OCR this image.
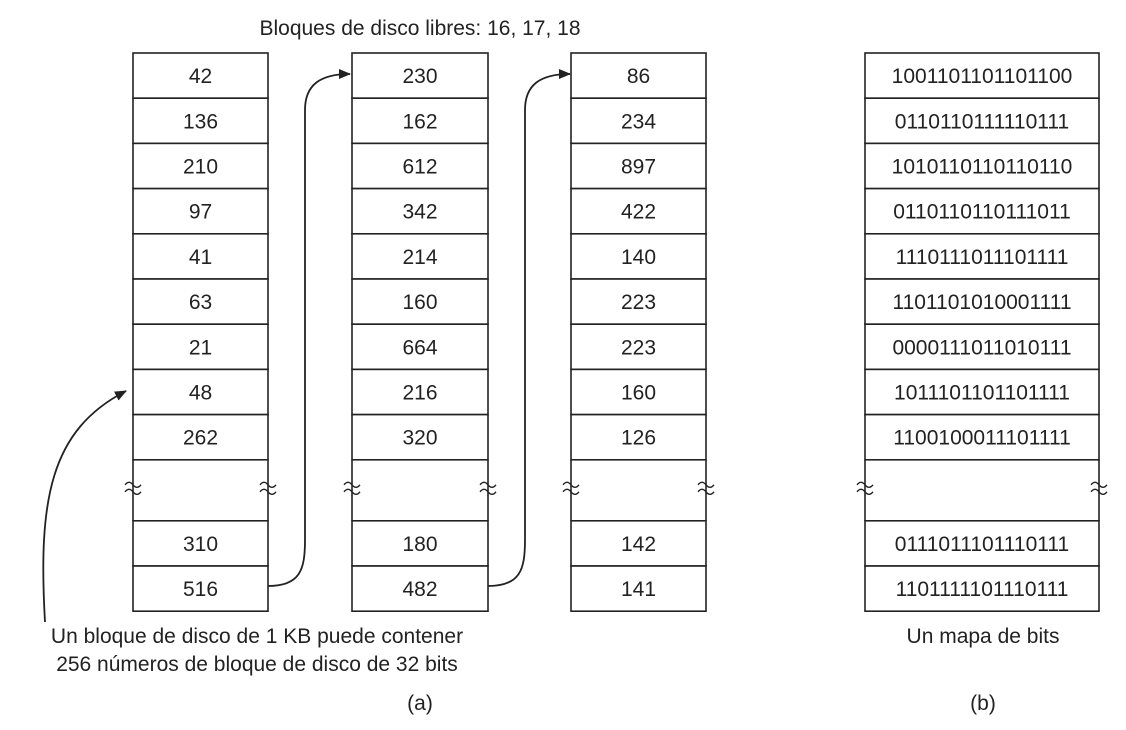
Bloques de disco libres: 16, 17, 18
42
136
210
97
41
63
21
48
262
310
516
230
162
612
342
214
160
664
216
320
180
482
86
234
897
422
140
223
223
160
126
142
141
1001101101101100
0110110111110111
1010110110110110
0110110110111011
1110111011101111
1101101010001111
0000111011010111
1011101101101111
1100100011101111
0111011101110111
1101111101110111
Un bloque de disco de 1 KB puede contener
256 números de bloque de disco de 32 bits
(a)
Un mapa de bits
(b)
